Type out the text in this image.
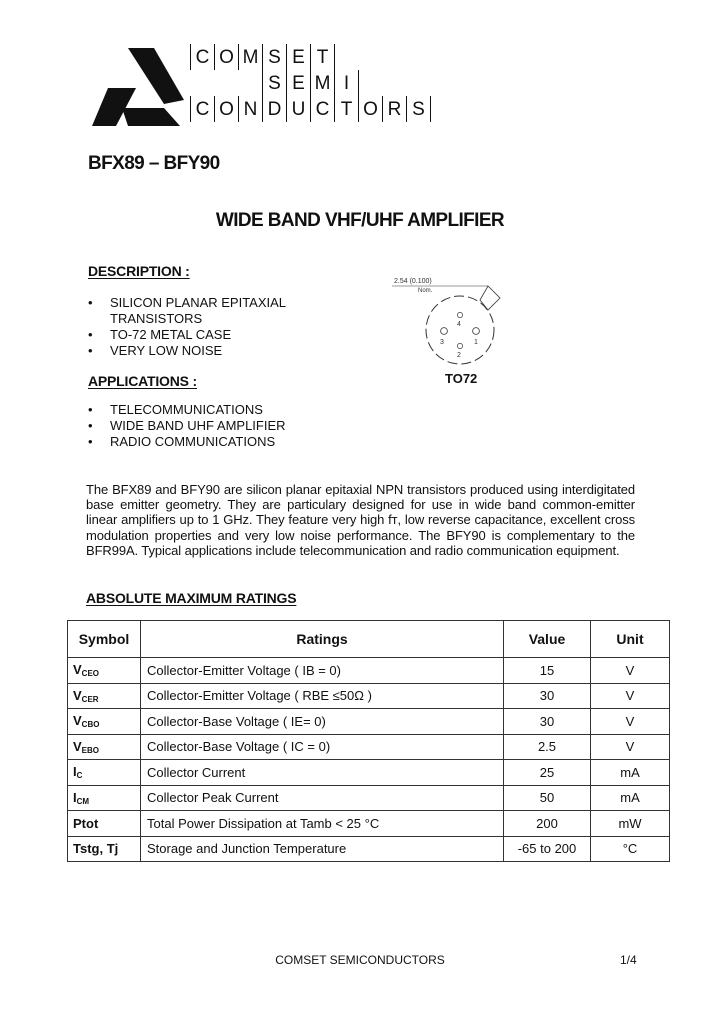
C O M S E T
S E M I
C O N D U C T O R S
BFX89 – BFY90
WIDE BAND VHF/UHF AMPLIFIER
DESCRIPTION :
• SILICON PLANAR EPITAXIAL TRANSISTORS
• TO-72 METAL CASE
• VERY LOW NOISE
APPLICATIONS :
• TELECOMMUNICATIONS
• WIDE BAND UHF AMPLIFIER
• RADIO COMMUNICATIONS
2.54 (0.100)
Nom.
4
3	1
2
TO72

The BFX89 and BFY90 are silicon planar epitaxial NPN transistors produced using interdigitated base emitter geometry. They are particulary designed for use in wide band common-emitter linear amplifiers up to 1 GHz. They feature very high fᴛ, low reverse capacitance, excellent cross modulation properties and very low noise performance. The BFY90 is complementary to the BFR99A. Typical applications include telecommunication and radio communication equipment.

ABSOLUTE MAXIMUM RATINGS
Symbol	Ratings	Value	Unit
$V_{CEO}$	Collector-Emitter Voltage ( IB = 0)	15	V
$V_{CER}$	Collector-Emitter Voltage ( RBE ≤50Ω )	30	V
$V_{CBO}$	Collector-Base Voltage ( IE= 0)	30	V
$V_{EBO}$	Collector-Base Voltage ( IC = 0)	2.5	V
$I_C$	Collector Current	25	mA
$I_{CM}$	Collector Peak Current	50	mA
Ptot	Total Power Dissipation at Tamb < 25 °C	200	mW
Tstg, Tj	Storage and Junction Temperature	-65 to 200	°C
COMSET SEMICONDUCTORS	1/4
